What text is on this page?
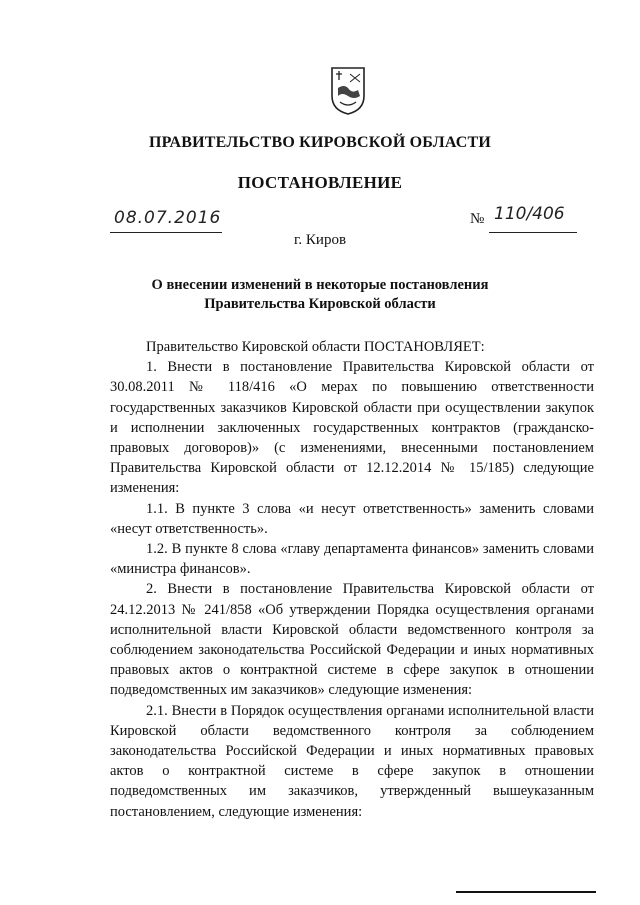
ПРАВИТЕЛЬСТВО КИРОВСКОЙ ОБЛАСТИ
ПОСТАНОВЛЕНИЕ
08.07.2016	№ 110/406
г. Киров
О внесении изменений в некоторые постановления
Правительства Кировской области

Правительство Кировской области ПОСТАНОВЛЯЕТ:

1. Внести в постановление Правительства Кировской области от 30.08.2011 № 118/416 «О мерах по повышению ответственности государственных заказчиков Кировской области при осуществлении закупок и исполнении заключенных государственных контрактов (гражданско-правовых договоров)» (с изменениями, внесенными постановлением Правительства Кировской области от 12.12.2014 № 15/185) следующие изменения:

1.1. В пункте 3 слова «и несут ответственность» заменить словами «несут ответственность».

1.2. В пункте 8 слова «главу департамента финансов» заменить словами «министра финансов».

2. Внести в постановление Правительства Кировской области от 24.12.2013 № 241/858 «Об утверждении Порядка осуществления органами исполнительной власти Кировской области ведомственного контроля за соблюдением законодательства Российской Федерации и иных нормативных правовых актов о контрактной системе в сфере закупок в отношении подведомственных им заказчиков» следующие изменения:

2.1. Внести в Порядок осуществления органами исполнительной власти Кировской области ведомственного контроля за соблюдением законодательства Российской Федерации и иных нормативных правовых актов о контрактной системе в сфере закупок в отношении подведомственных им заказчиков, утвержденный вышеуказанным постановлением, следующие изменения:
